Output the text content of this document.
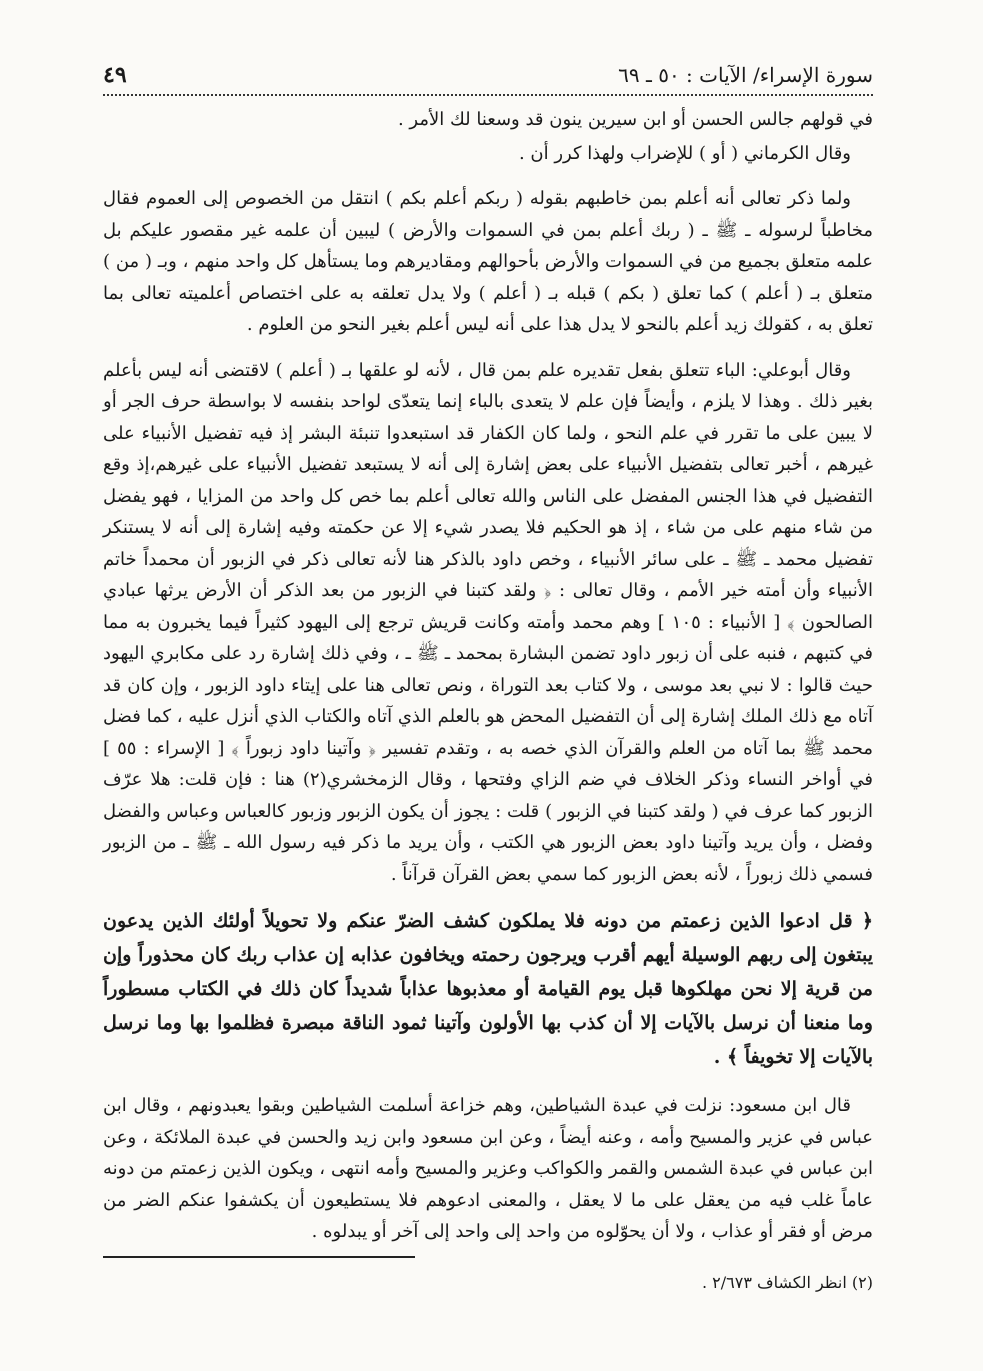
سورة الإسراء/ الآيات : ٥٠ ـ ٦٩
٤٩

في قولهم جالس الحسن أو ابن سيرين ينون قد وسعنا لك الأمر .

وقال الكرماني ( أو ) للإضراب ولهذا كرر أن .

ولما ذكر تعالى أنه أعلم بمن خاطبهم بقوله ( ربكم أعلم بكم ) انتقل من الخصوص إلى العموم فقال مخاطباً لرسوله ـ ﷺ ـ ( ربك أعلم بمن في السموات والأرض ) ليبين أن علمه غير مقصور عليكم بل علمه متعلق بجميع من في السموات والأرض بأحوالهم ومقاديرهم وما يستأهل كل واحد منهم ، وبـ ( من ) متعلق بـ ( أعلم ) كما تعلق ( بكم ) قبله بـ ( أعلم ) ولا يدل تعلقه به على اختصاص أعلميته تعالى بما تعلق به ، كقولك زيد أعلم بالنحو لا يدل هذا على أنه ليس أعلم بغير النحو من العلوم .

وقال أبوعلي: الباء تتعلق بفعل تقديره علم بمن قال ، لأنه لو علقها بـ ( أعلم ) لاقتضى أنه ليس بأعلم بغير ذلك . وهذا لا يلزم ، وأيضاً فإن علم لا يتعدى بالباء إنما يتعدّى لواحد بنفسه لا بواسطة حرف الجر أو لا يبين على ما تقرر في علم النحو ، ولما كان الكفار قد استبعدوا تنبئة البشر إذ فيه تفضيل الأنبياء على غيرهم ، أخبر تعالى بتفضيل الأنبياء على بعض إشارة إلى أنه لا يستبعد تفضيل الأنبياء على غيرهم،إذ وقع التفضيل في هذا الجنس المفضل على الناس والله تعالى أعلم بما خص كل واحد من المزايا ، فهو يفضل من شاء منهم على من شاء ، إذ هو الحكيم فلا يصدر شيء إلا عن حكمته وفيه إشارة إلى أنه لا يستنكر تفضيل محمد ـ ﷺ ـ على سائر الأنبياء ، وخص داود بالذكر هنا لأنه تعالى ذكر في الزبور أن محمداً خاتم الأنبياء وأن أمته خير الأمم ، وقال تعالى : ﴿ ولقد كتبنا في الزبور من بعد الذكر أن الأرض يرثها عبادي الصالحون ﴾ [ الأنبياء : ١٠٥ ] وهم محمد وأمته وكانت قريش ترجع إلى اليهود كثيراً فيما يخبرون به مما في كتبهم ، فنبه على أن زبور داود تضمن البشارة بمحمد ـ ﷺ ـ ، وفي ذلك إشارة رد على مكابري اليهود حيث قالوا : لا نبي بعد موسى ، ولا كتاب بعد التوراة ، ونص تعالى هنا على إيتاء داود الزبور ، وإن كان قد آتاه مع ذلك الملك إشارة إلى أن التفضيل المحض هو بالعلم الذي آتاه والكتاب الذي أنزل عليه ، كما فضل محمد ﷺ بما آتاه من العلم والقرآن الذي خصه به ، وتقدم تفسير ﴿ وآتينا داود زبوراً ﴾ [ الإسراء : ٥٥ ] في أواخر النساء وذكر الخلاف في ضم الزاي وفتحها ، وقال الزمخشري(٢) هنا : فإن قلت: هلا عرّف الزبور كما عرف في ( ولقد كتبنا في الزبور ) قلت : يجوز أن يكون الزبور وزبور كالعباس وعباس والفضل وفضل ، وأن يريد وآتينا داود بعض الزبور هي الكتب ، وأن يريد ما ذكر فيه رسول الله ـ ﷺ ـ من الزبور فسمي ذلك زبوراً ، لأنه بعض الزبور كما سمي بعض القرآن قرآناً .

﴿ قل ادعوا الذين زعمتم من دونه فلا يملكون كشف الضرّ عنكم ولا تحويلاً أولئك الذين يدعون يبتغون إلى ربهم الوسيلة أيهم أقرب ويرجون رحمته ويخافون عذابه إن عذاب ربك كان محذوراً وإن من قرية إلا نحن مهلكوها قبل يوم القيامة أو معذبوها عذاباً شديداً كان ذلك في الكتاب مسطوراً وما منعنا أن نرسل بالآيات إلا أن كذب بها الأولون وآتينا ثمود الناقة مبصرة فظلموا بها وما نرسل بالآيات إلا تخويفاً ﴾ .

قال ابن مسعود: نزلت في عبدة الشياطين، وهم خزاعة أسلمت الشياطين وبقوا يعبدونهم ، وقال ابن عباس في عزير والمسيح وأمه ، وعنه أيضاً ، وعن ابن مسعود وابن زيد والحسن في عبدة الملائكة ، وعن ابن عباس في عبدة الشمس والقمر والكواكب وعزير والمسيح وأمه انتهى ، ويكون الذين زعمتم من دونه عاماً غلب فيه من يعقل على ما لا يعقل ، والمعنى ادعوهم فلا يستطيعون أن يكشفوا عنكم الضر من مرض أو فقر أو عذاب ، ولا أن يحوّلوه من واحد إلى واحد إلى آخر أو يبدلوه .

(٢) انظر الكشاف ٢/٦٧٣ .
